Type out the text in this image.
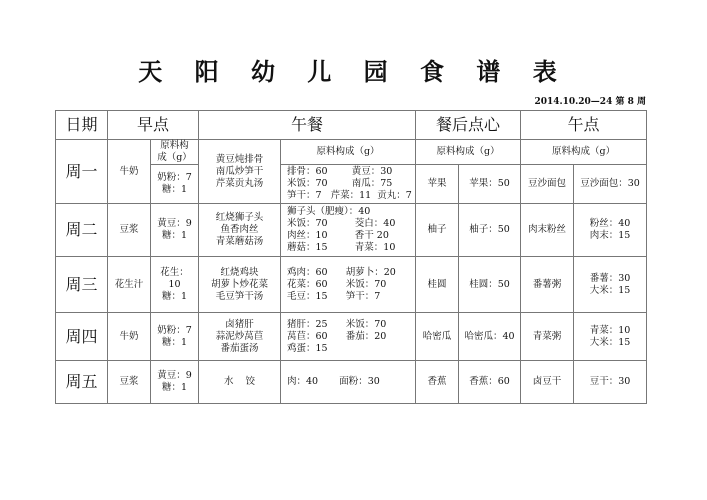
天 阳 幼 儿 园 食 谱 表
2014.10.20—24 第 8 周
日期	早点		午餐		餐后点心		午点	
周一	牛奶	原料构
成（g）	黄豆炖排骨
南瓜炒笋干
芹菜贡丸汤	原料构成（g）	原料构成（g）		原料构成（g）	
		奶粉：7
糖：1		排骨：60        黄豆：30
米饭：70        南瓜：75
笋干：7   芹菜：11  贡丸：7	苹果	苹果：50	豆沙面包	豆沙面包：30
周二	豆浆	黄豆：9
糖：1	红烧狮子头
鱼香肉丝
青菜蘑菇汤	狮子头（肥瘦）：40
米饭：70         茭白：40
肉丝：10         香干 20
蘑菇：15         青菜：10	柚子	柚子：50	肉末粉丝	粉丝：40
肉末：15
周三	花生汁	花生：
10
糖：1	红烧鸡块
胡萝卜炒花菜
毛豆笋干汤	鸡肉：60      胡萝卜：20
花菜：60      米饭：70
毛豆：15      笋干：7	桂圆	桂圆：50	番薯粥	番薯：30
大米：15
周四	牛奶	奶粉：7
糖：1	卤猪肝
蒜泥炒莴苣
番茄蛋汤	猪肝：25      米饭：70
莴苣：60      番茄：20
鸡蛋：15	哈密瓜	哈密瓜：40	青菜粥	青菜：10
大米：15
周五	豆浆	黄豆：9
糖：1	水    饺	肉：40       面粉：30	香蕉	香蕉：60	卤豆干	豆干：30
